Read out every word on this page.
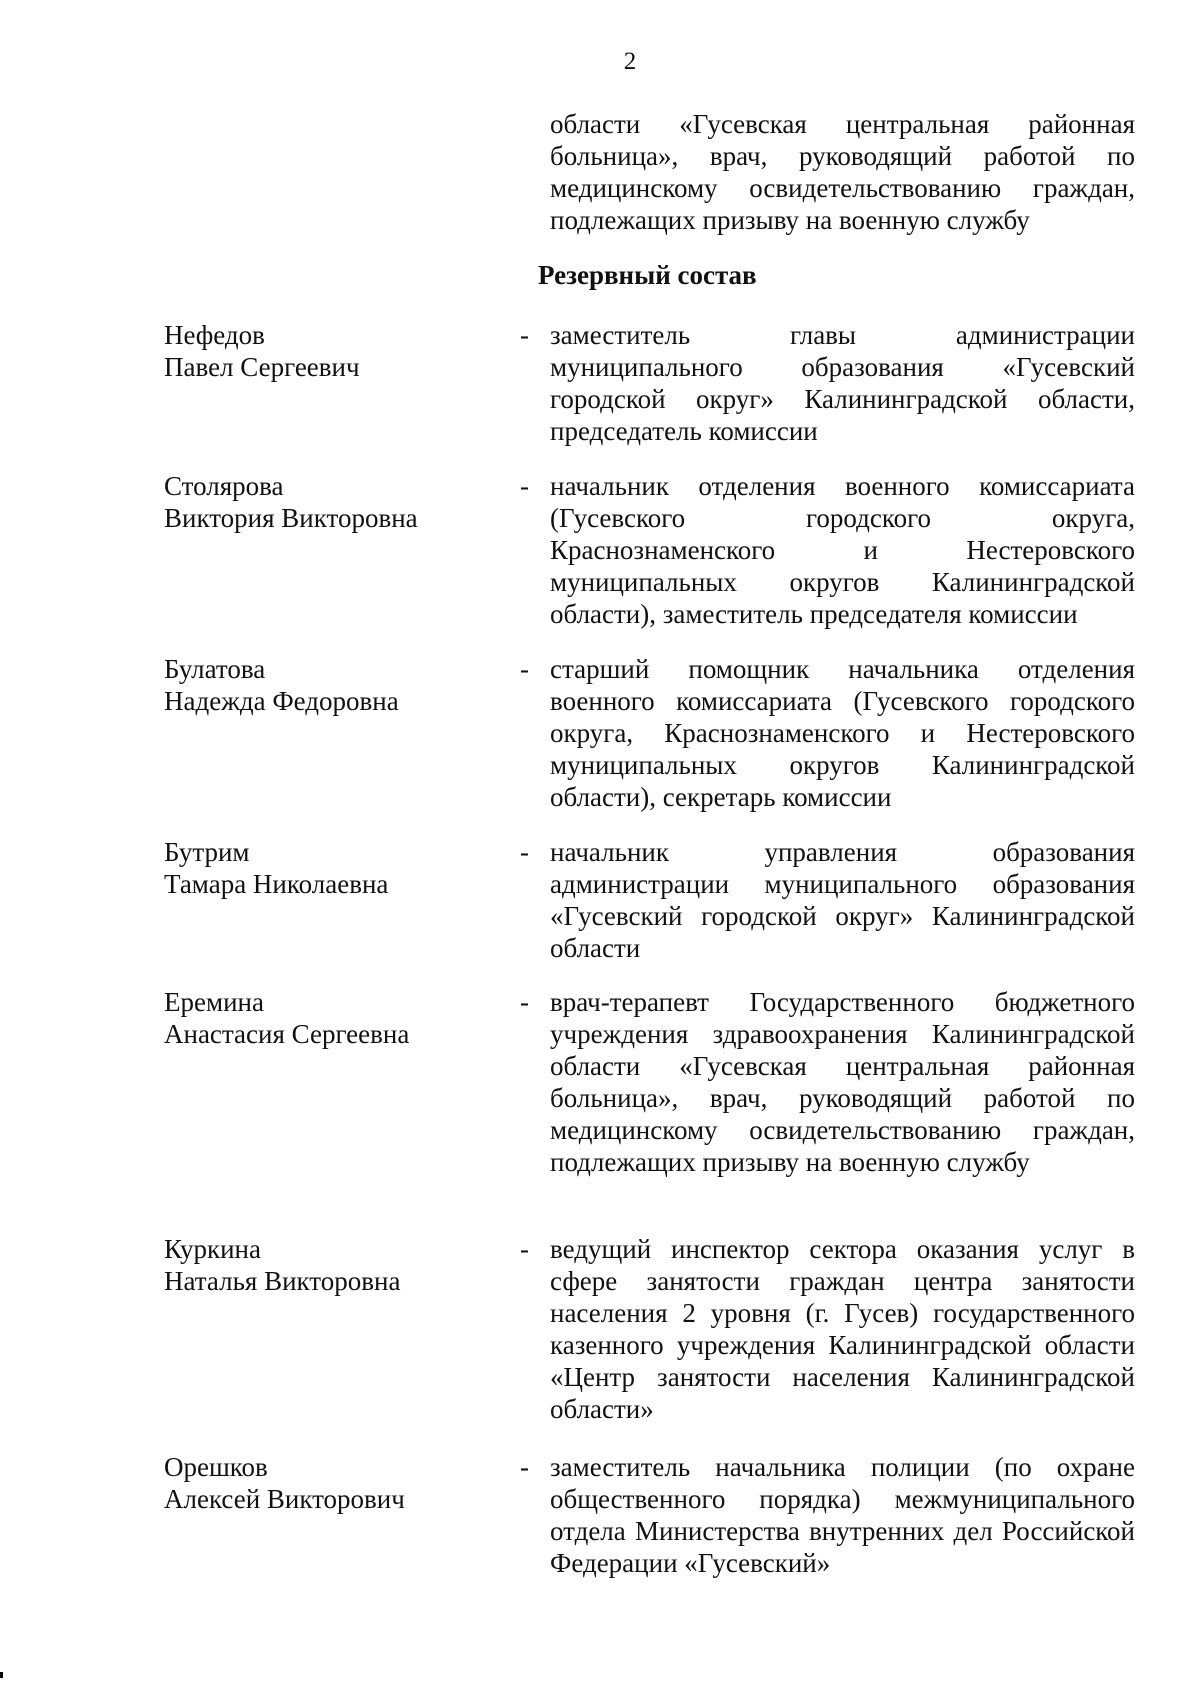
2
области «Гусевская центральная районная больница», врач, руководящий работой по медицинскому освидетельствованию граждан, подлежащих призыву на военную службу
Резервный состав
Нефедов
Павел Сергеевич
- заместитель главы администрации муниципального образования «Гусевский городской округ» Калининградской области, председатель комиссии
Столярова
Виктория Викторовна
- начальник отделения военного комиссариата (Гусевского городского округа, Краснознаменского и Нестеровского муниципальных округов Калининградской области), заместитель председателя комиссии
Булатова
Надежда Федоровна
- старший помощник начальника отделения военного комиссариата (Гусевского городского округа, Краснознаменского и Нестеровского муниципальных округов Калининградской области), секретарь комиссии
Бутрим
Тамара Николаевна
- начальник управления образования администрации муниципального образования «Гусевский городской округ» Калининградской области
Еремина
Анастасия Сергеевна
- врач-терапевт Государственного бюджетного учреждения здравоохранения Калининградской области «Гусевская центральная районная больница», врач, руководящий работой по медицинскому освидетельствованию граждан, подлежащих призыву на военную службу
Куркина
Наталья Викторовна
- ведущий инспектор сектора оказания услуг в сфере занятости граждан центра занятости населения 2 уровня (г. Гусев) государственного казенного учреждения Калининградской области «Центр занятости населения Калининградской области»
Орешков
Алексей Викторович
- заместитель начальника полиции (по охране общественного порядка) межмуниципального отдела Министерства внутренних дел Российской Федерации «Гусевский»
